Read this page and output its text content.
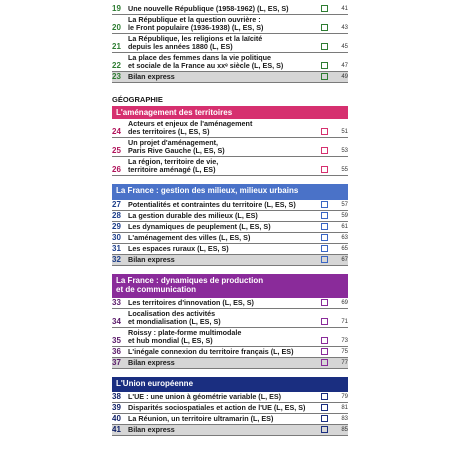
19 Une nouvelle République (1958-1962) (L, ES, S)	41
20
La République et la question ouvrière :
le Front populaire (1936-1938) (L, ES, S)	43
21
La République, les religions et la laïcité
depuis les années 1880 (L, ES)	45
22
La place des femmes dans la vie politique
et sociale de la France au xxᵉ siècle (L, ES, S)	47
23 Bilan express	49
GÉOGRAPHIE
L'aménagement des territoires
24
Acteurs et enjeux de l'aménagement
des territoires (L, ES, S)	51
25
Un projet d'aménagement,
Paris Rive Gauche (L, ES, S)	53
26
La région, territoire de vie,
territoire aménagé (L, ES)	55
La France : gestion des milieux, milieux urbains
27 Potentialités et contraintes du territoire (L, ES, S)	57
28 La gestion durable des milieux (L, ES)	59
29 Les dynamiques de peuplement (L, ES, S)	61
30 L'aménagement des villes (L, ES, S)	63
31 Les espaces ruraux (L, ES, S)	65
32 Bilan express	67
La France : dynamiques de production
et de communication
33 Les territoires d'innovation (L, ES, S)	69
34
Localisation des activités
et mondialisation (L, ES, S)	71
35
Roissy : plate-forme multimodale
et hub mondial (L, ES, S)	73
36 L'inégale connexion du territoire français (L, ES)	75
37 Bilan express	77
L'Union européenne
38 L'UE : une union à géométrie variable (L, ES)	79
39 Disparités sociospatiales et action de l'UE (L, ES, S)	81
40 La Réunion, un territoire ultramarin (L, ES)	83
41 Bilan express	85
